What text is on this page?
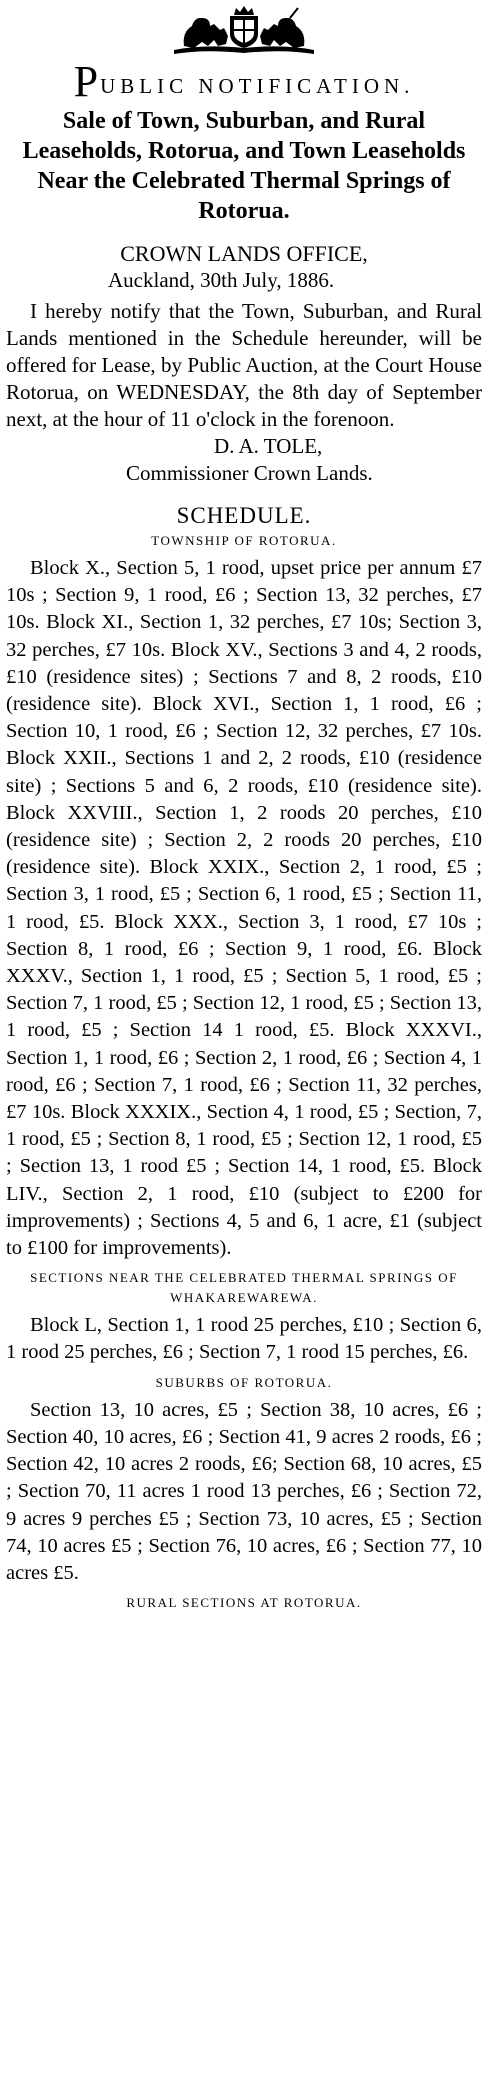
P UBLIC NOTIFICATION.
Sale of Town, Suburban, and Rural Leaseholds, Rotorua, and Town Leaseholds Near the Celebrated Thermal Springs of Rotorua.
CROWN LANDS OFFICE,
Auckland, 30th July, 1886.

I hereby notify that the Town, Suburban, and Rural Lands mentioned in the Schedule hereunder, will be offered for Lease, by Public Auction, at the Court House Rotorua, on WEDNESDAY, the 8th day of September next, at the hour of 11 o'clock in the forenoon.

D. A. TOLE,
Commissioner Crown Lands.
SCHEDULE.
TOWNSHIP OF ROTORUA.

Block X., Section 5, 1 rood, upset price per annum £7 10s ; Section 9, 1 rood, £6 ; Section 13, 32 perches, £7 10s. Block XI., Section 1, 32 perches, £7 10s; Section 3, 32 perches, £7 10s. Block XV., Sections 3 and 4, 2 roods, £10 (residence sites) ; Sections 7 and 8, 2 roods, £10 (residence site). Block XVI., Section 1, 1 rood, £6 ; Section 10, 1 rood, £6 ; Section 12, 32 perches, £7 10s. Block XXII., Sections 1 and 2, 2 roods, £10 (residence site) ; Sections 5 and 6, 2 roods, £10 (residence site). Block XXVIII., Section 1, 2 roods 20 perches, £10 (residence site) ; Section 2, 2 roods 20 perches, £10 (residence site). Block XXIX., Section 2, 1 rood, £5 ; Section 3, 1 rood, £5 ; Section 6, 1 rood, £5 ; Section 11, 1 rood, £5. Block XXX., Section 3, 1 rood, £7 10s ; Section 8, 1 rood, £6 ; Section 9, 1 rood, £6. Block XXXV., Section 1, 1 rood, £5 ; Section 5, 1 rood, £5 ; Section 7, 1 rood, £5 ; Section 12, 1 rood, £5 ; Section 13, 1 rood, £5 ; Section 14 1 rood, £5. Block XXXVI., Section 1, 1 rood, £6 ; Section 2, 1 rood, £6 ; Section 4, 1 rood, £6 ; Section 7, 1 rood, £6 ; Section 11, 32 perches, £7 10s. Block XXXIX., Section 4, 1 rood, £5 ; Section, 7, 1 rood, £5 ; Section 8, 1 rood, £5 ; Section 12, 1 rood, £5 ; Section 13, 1 rood £5 ; Section 14, 1 rood, £5. Block LIV., Section 2, 1 rood, £10 (subject to £200 for improvements) ; Sections 4, 5 and 6, 1 acre, £1 (subject to £100 for improvements).

SECTIONS NEAR THE CELEBRATED THERMAL SPRINGS OF WHAKAREWAREWA.

Block L, Section 1, 1 rood 25 perches, £10 ; Section 6, 1 rood 25 perches, £6 ; Section 7, 1 rood 15 perches, £6.

SUBURBS OF ROTORUA.

Section 13, 10 acres, £5 ; Section 38, 10 acres, £6 ; Section 40, 10 acres, £6 ; Section 41, 9 acres 2 roods, £6 ; Section 42, 10 acres 2 roods, £6; Section 68, 10 acres, £5 ; Section 70, 11 acres 1 rood 13 perches, £6 ; Section 72, 9 acres 9 perches £5 ; Section 73, 10 acres, £5 ; Section 74, 10 acres £5 ; Section 76, 10 acres, £6 ; Section 77, 10 acres £5.

RURAL SECTIONS AT ROTORUA.
